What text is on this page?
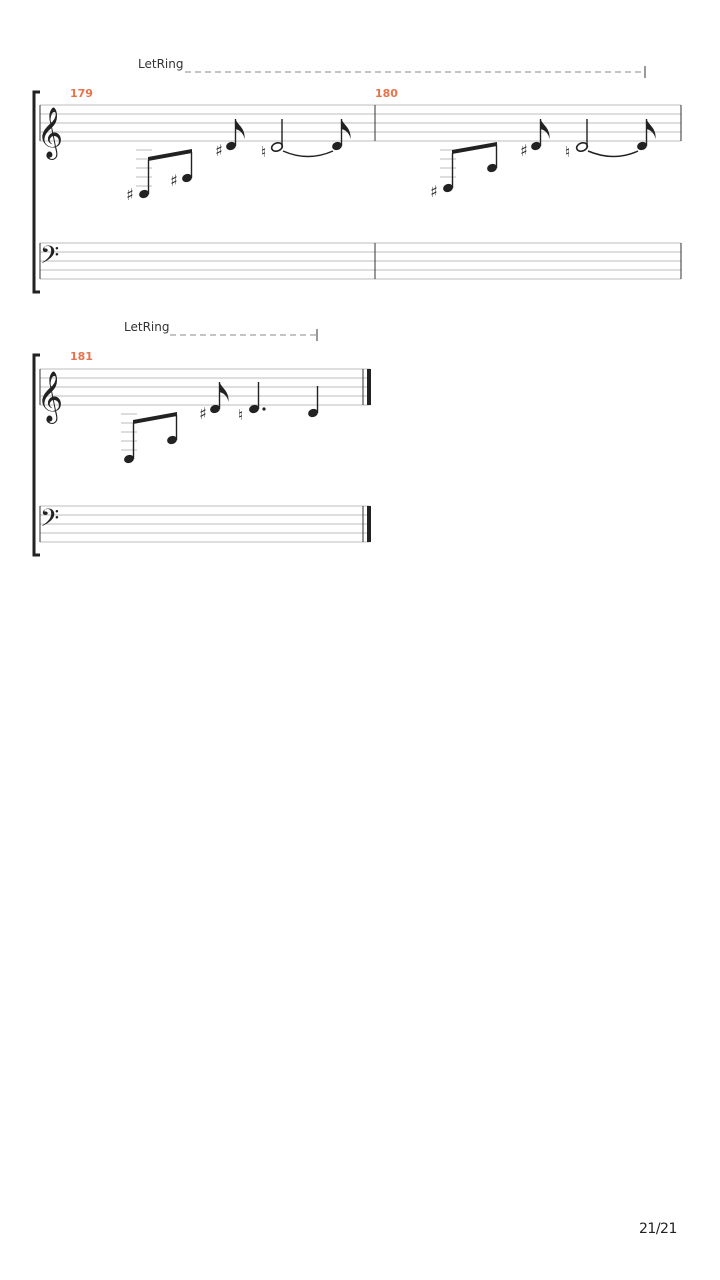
LetRing
179	180
𝄞
𝄢
♯
♯
♯	♮
♯
♯ ♮
LetRing
181
𝄞
𝄢
♯ ♮
21/21
